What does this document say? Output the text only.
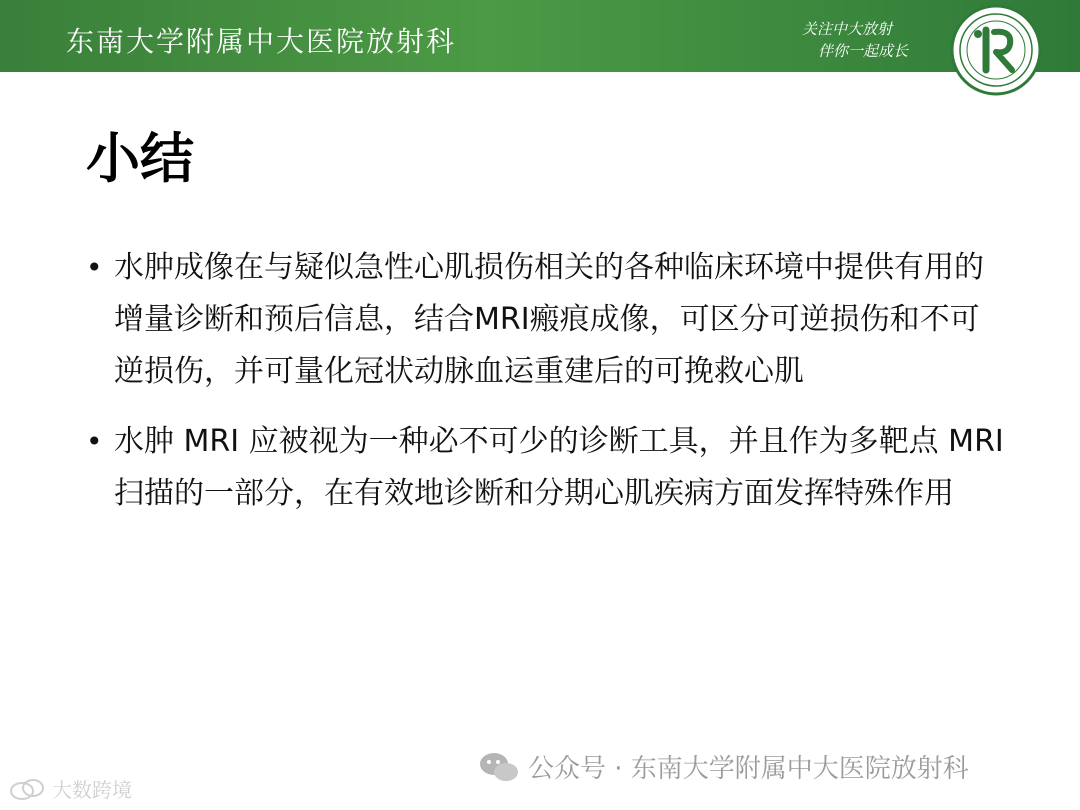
东南大学附属中大医院放射科	关注中大放射
伴你一起成长
小结
• 水肿成像在与疑似急性心肌损伤相关的各种临床环境中提供有用的增量诊断和预后信息，结合MRI瘢痕成像，可区分可逆损伤和不可逆损伤，并可量化冠状动脉血运重建后的可挽救心肌
• 水肿 MRI 应被视为一种必不可少的诊断工具，并且作为多靶点 MRI 扫描的一部分，在有效地诊断和分期心肌疾病方面发挥特殊作用
公众号 · 东南大学附属中大医院放射科
大数跨境
